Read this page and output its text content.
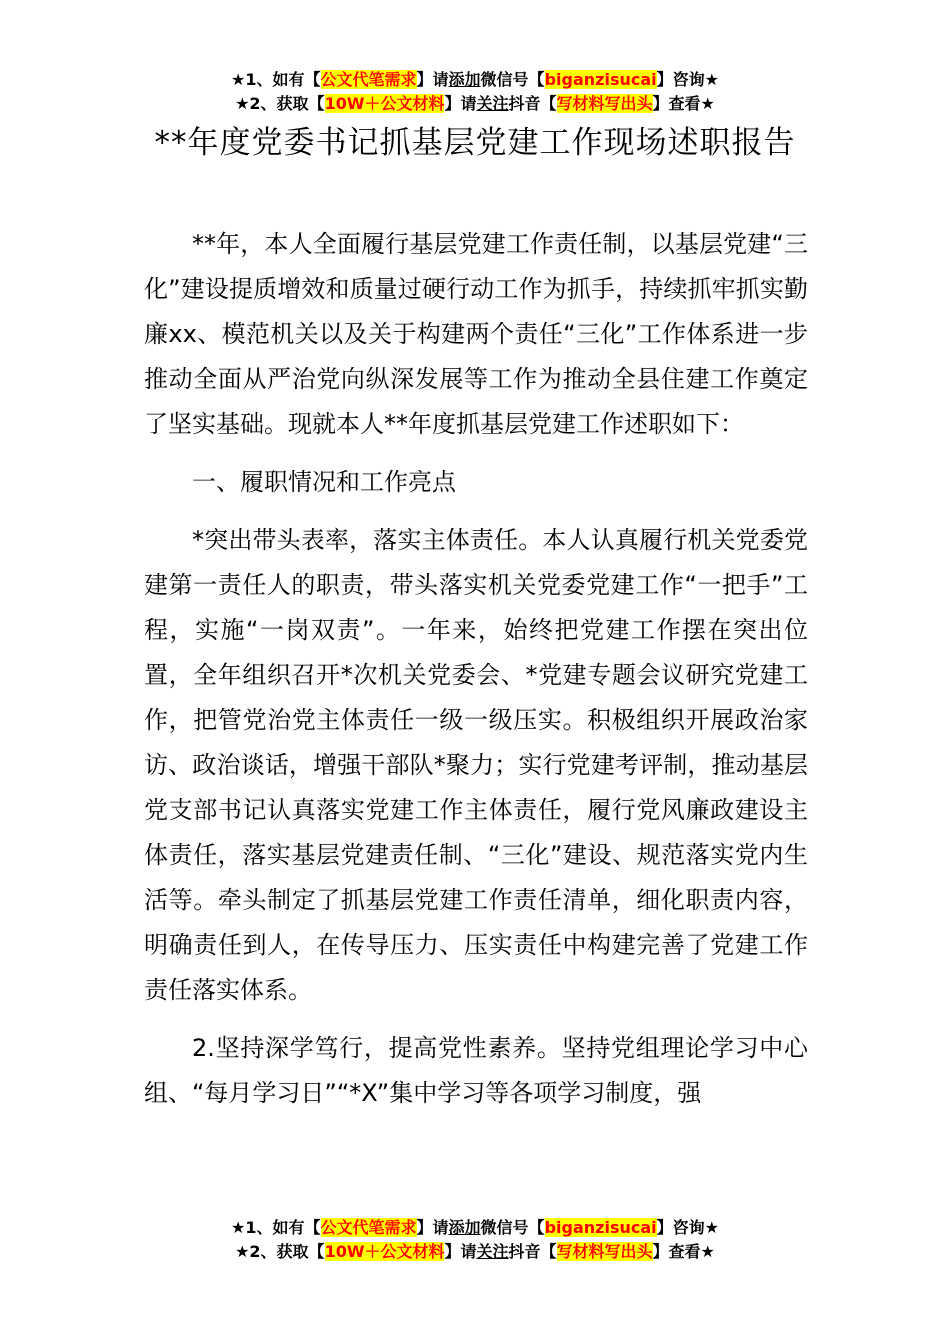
★1、如有【公文代笔需求】请添加微信号【biganzisucai】咨询★
★2、获取【10W＋公文材料】请关注抖音【写材料写出头】查看★
**年度党委书记抓基层党建工作现场述职报告

**年，本人全面履行基层党建工作责任制，以基层党建“三化”建设提质增效和质量过硬行动工作为抓手，持续抓牢抓实勤廉xx、模范机关以及关于构建两个责任“三化”工作体系进一步推动全面从严治党向纵深发展等工作为推动全县住建工作奠定了坚实基础。现就本人**年度抓基层党建工作述职如下：

一、履职情况和工作亮点

*突出带头表率，落实主体责任。本人认真履行机关党委党建第一责任人的职责，带头落实机关党委党建工作“一把手”工程，实施“一岗双责”。一年来，始终把党建工作摆在突出位置，全年组织召开*次机关党委会、*党建专题会议研究党建工作，把管党治党主体责任一级一级压实。积极组织开展政治家访、政治谈话，增强干部队*聚力；实行党建考评制，推动基层党支部书记认真落实党建工作主体责任，履行党风廉政建设主体责任，落实基层党建责任制、“三化”建设、规范落实党内生活等。牵头制定了抓基层党建工作责任清单，细化职责内容，明确责任到人，在传导压力、压实责任中构建完善了党建工作责任落实体系。

2.坚持深学笃行，提高党性素养。坚持党组理论学习中心组、“每月学习日”“*X”集中学习等各项学习制度，强

★1、如有【公文代笔需求】请添加微信号【biganzisucai】咨询★
★2、获取【10W＋公文材料】请关注抖音【写材料写出头】查看★
